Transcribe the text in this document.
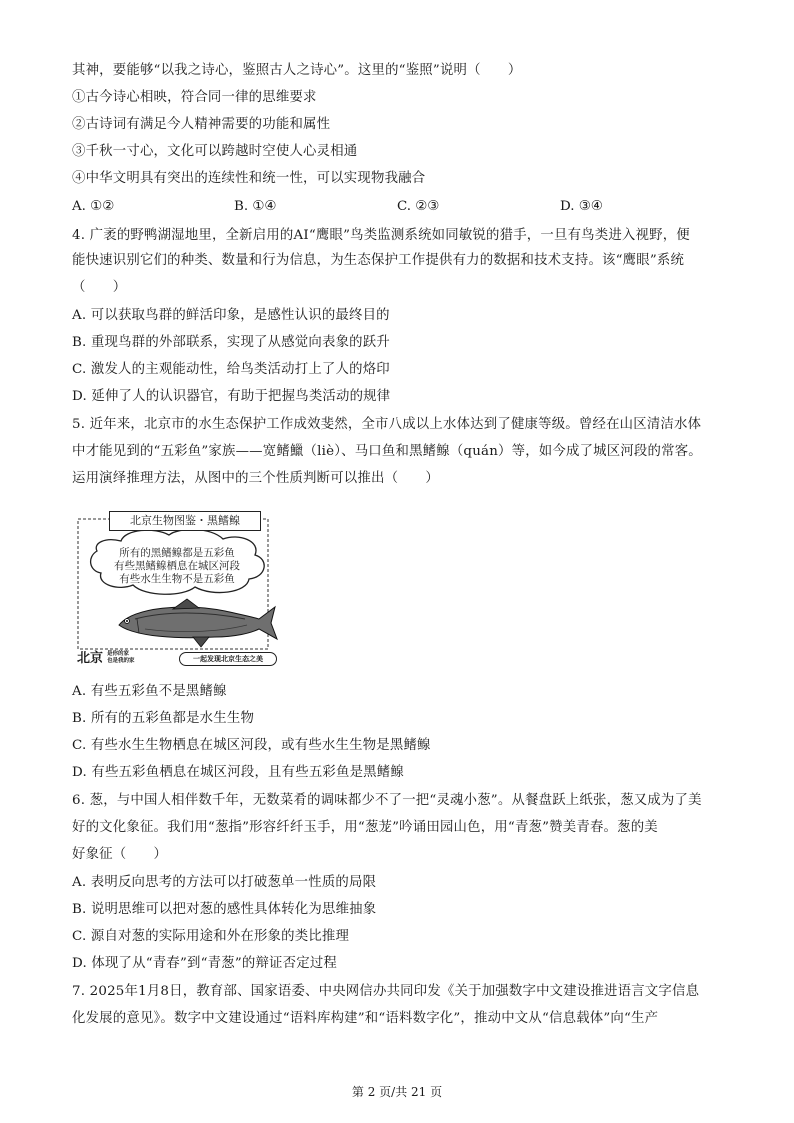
其神，要能够“以我之诗心，鉴照古人之诗心”。这里的“鉴照”说明（　　）
①古今诗心相映，符合同一律的思维要求
②古诗词有满足今人精神需要的功能和属性
③千秋一寸心，文化可以跨越时空使人心灵相通
④中华文明具有突出的连续性和统一性，可以实现物我融合
A. ①②	B. ①④	C. ②③	D. ③④
4. 广袤的野鸭湖湿地里，全新启用的AI“鹰眼”鸟类监测系统如同敏锐的猎手，一旦有鸟类进入视野，便
能快速识别它们的种类、数量和行为信息，为生态保护工作提供有力的数据和技术支持。该“鹰眼”系统
（　　）
A. 可以获取鸟群的鲜活印象，是感性认识的最终目的
B. 重现鸟群的外部联系，实现了从感觉向表象的跃升
C. 激发人的主观能动性，给鸟类活动打上了人的烙印
D. 延伸了人的认识器官，有助于把握鸟类活动的规律
5. 近年来，北京市的水生态保护工作成效斐然，全市八成以上水体达到了健康等级。曾经在山区清洁水体
中才能见到的“五彩鱼”家族——宽鳍鱲（liè）、马口鱼和黑鳍鳈（quán）等，如今成了城区河段的常客。
运用演绎推理方法，从图中的三个性质判断可以推出（　　）
北京生物图鉴・黑鳍鳈
所有的黑鳍鳈都是五彩鱼
有些黑鳍鳈栖息在城区河段
有些水生生物不是五彩鱼
北京 是你的家
也是我的家	一起发现北京生态之美
A. 有些五彩鱼不是黑鳍鳈
B. 所有的五彩鱼都是水生生物
C. 有些水生生物栖息在城区河段，或有些水生生物是黑鳍鳈
D. 有些五彩鱼栖息在城区河段，且有些五彩鱼是黑鳍鳈
6. 葱，与中国人相伴数千年，无数菜肴的调味都少不了一把“灵魂小葱”。从餐盘跃上纸张，葱又成为了美
好的文化象征。我们用“葱指”形容纤纤玉手，用“葱茏”吟诵田园山色，用“青葱”赞美青春。葱的美
好象征（　　）
A. 表明反向思考的方法可以打破葱单一性质的局限
B. 说明思维可以把对葱的感性具体转化为思维抽象
C. 源自对葱的实际用途和外在形象的类比推理
D. 体现了从“青春”到“青葱”的辩证否定过程
7. 2025年1月8日，教育部、国家语委、中央网信办共同印发《关于加强数字中文建设推进语言文字信息
化发展的意见》。数字中文建设通过“语料库构建”和“语料数字化”，推动中文从“信息载体”向“生产
第 2 页/共 21 页
